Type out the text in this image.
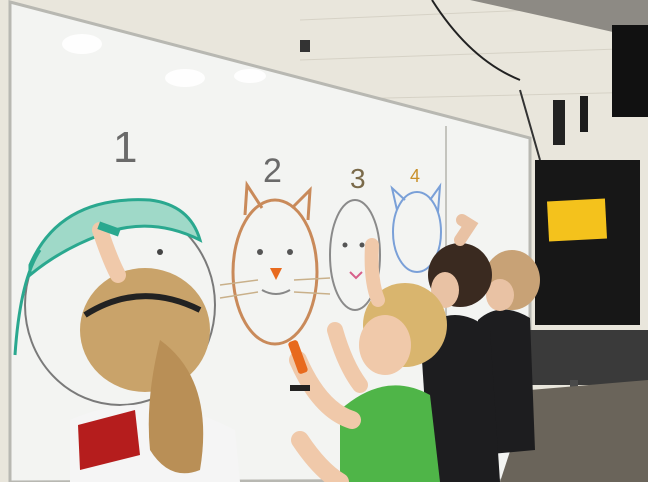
1	2 3 4
